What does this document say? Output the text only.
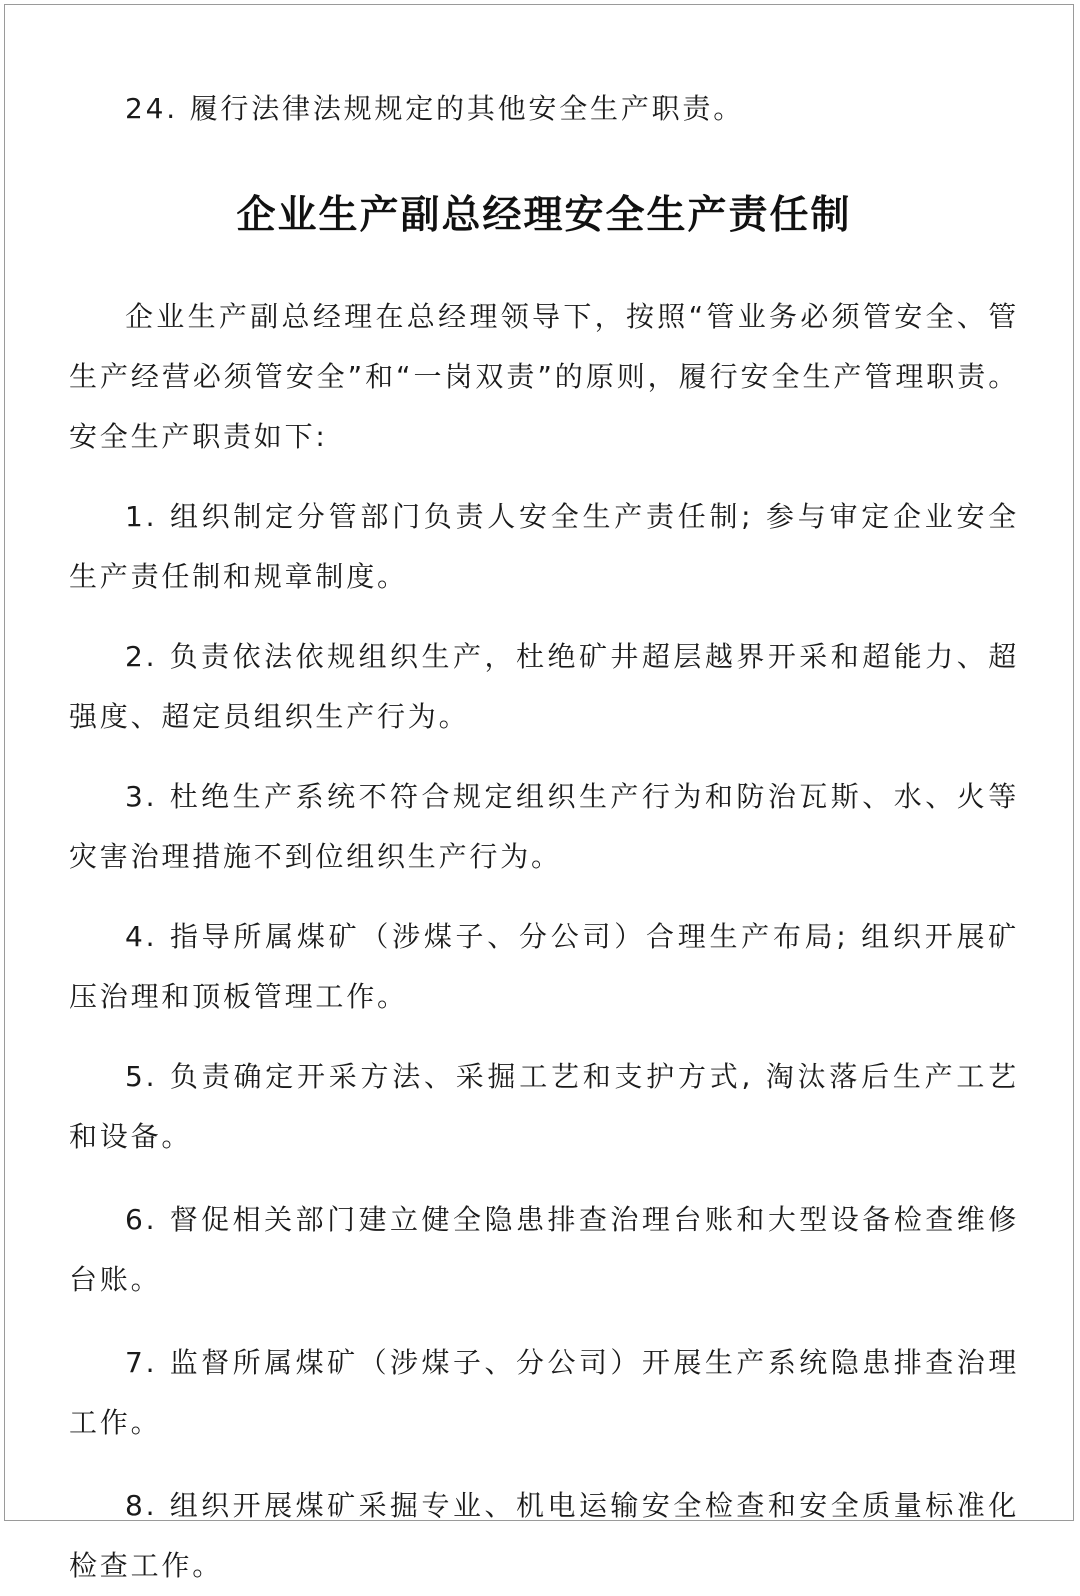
24. 履行法律法规规定的其他安全生产职责。

企业生产副总经理安全生产责任制

企业生产副总经理在总经理领导下，按照“管业务必须管安全、管生产经营必须管安全”和“一岗双责”的原则，履行安全生产管理职责。安全生产职责如下:

1. 组织制定分管部门负责人安全生产责任制; 参与审定企业安全生产责任制和规章制度。

2. 负责依法依规组织生产，杜绝矿井超层越界开采和超能力、超强度、超定员组织生产行为。

3. 杜绝生产系统不符合规定组织生产行为和防治瓦斯、水、火等灾害治理措施不到位组织生产行为。

4. 指导所属煤矿（涉煤子、分公司）合理生产布局; 组织开展矿压治理和顶板管理工作。

5. 负责确定开采方法、采掘工艺和支护方式, 淘汰落后生产工艺和设备。

6. 督促相关部门建立健全隐患排查治理台账和大型设备检查维修台账。

7. 监督所属煤矿（涉煤子、分公司）开展生产系统隐患排查治理工作。

8. 组织开展煤矿采掘专业、机电运输安全检查和安全质量标准化检查工作。
